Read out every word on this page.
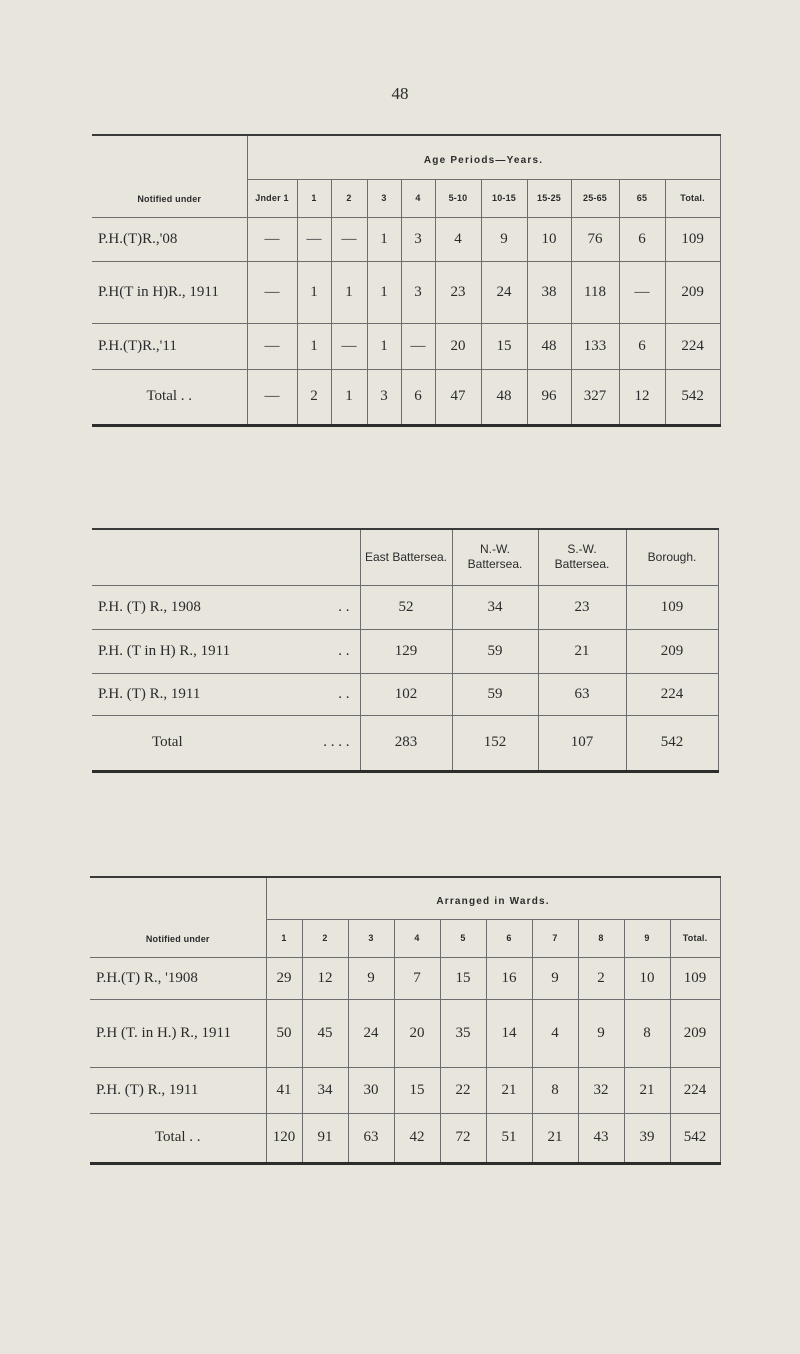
48
Notified under	Age Periods—Years.										
	Jnder 1	1	2	3	4	5-10	10-15	15-25	25-65	65	Total.
P.H.(T)R.,'08	—	—	—	1	3	4	9	10	76	6	109
P.H(T in H)R., 1911	—	1	1	1	3	23	24	38	118	—	209
P.H.(T)R.,'11	—	1	—	1	—	20	15	48	133	6	224
Total . .	—	2	1	3	6	47	48	96	327	12	542
	East Battersea.	N.-W. Battersea.	S.-W. Battersea.	Borough.
P.H. (T) R., 1908 . .	52	34	23	109
P.H. (T in H) R., 1911 . .	129	59	21	209
P.H. (T) R., 1911 . .	102	59	63	224
Total . . . .	283	152	107	542
Notified under	Arranged in Wards.									
	1	2	3	4	5	6	7	8	9	Total.
P.H.(T) R., '1908	29	12	9	7	15	16	9	2	10	109
P.H (T. in H.) R., 1911	50	45	24	20	35	14	4	9	8	209
P.H. (T) R., 1911	41	34	30	15	22	21	8	32	21	224
Total . .	120	91	63	42	72	51	21	43	39	542
